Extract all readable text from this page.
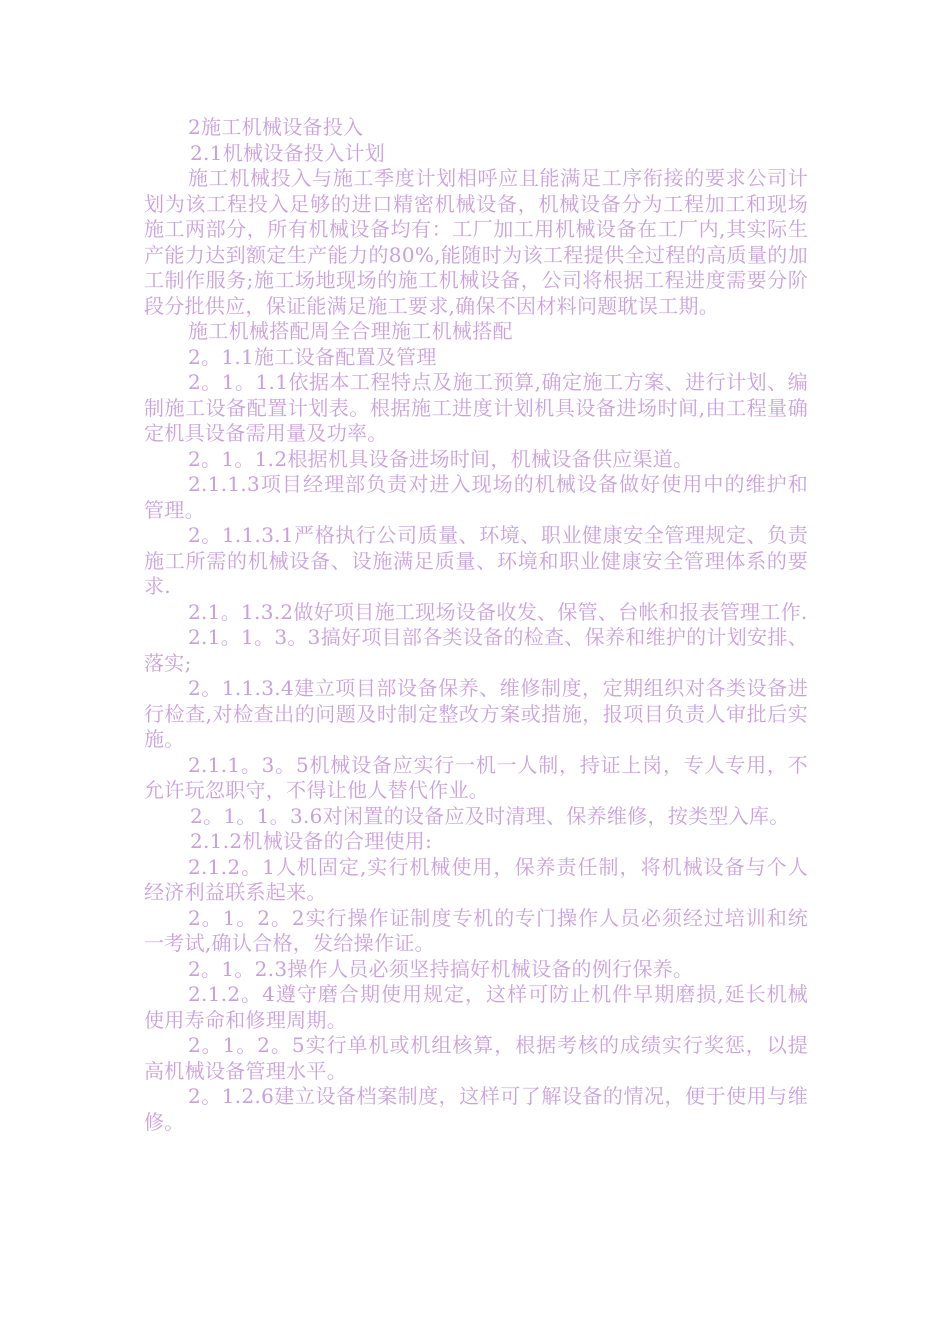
2施工机械设备投入

2.1机械设备投入计划

施工机械投入与施工季度计划相呼应且能满足工序衔接的要求公司计划为该工程投入足够的进口精密机械设备，机械设备分为工程加工和现场施工两部分，所有机械设备均有：工厂加工用机械设备在工厂内,其实际生产能力达到额定生产能力的80%,能随时为该工程提供全过程的高质量的加工制作服务;施工场地现场的施工机械设备，公司将根据工程进度需要分阶段分批供应，保证能满足施工要求,确保不因材料问题耽误工期。

施工机械搭配周全合理施工机械搭配

2。1.1施工设备配置及管理

2。1。1.1依据本工程特点及施工预算,确定施工方案、进行计划、编制施工设备配置计划表。根据施工进度计划机具设备进场时间,由工程量确定机具设备需用量及功率。

2。1。1.2根据机具设备进场时间，机械设备供应渠道。

2.1.1.3项目经理部负责对进入现场的机械设备做好使用中的维护和管理。

2。1.1.3.1严格执行公司质量、环境、职业健康安全管理规定、负责施工所需的机械设备、设施满足质量、环境和职业健康安全管理体系的要求.

2.1。1.3.2做好项目施工现场设备收发、保管、台帐和报表管理工作.

2.1。1。3。3搞好项目部各类设备的检查、保养和维护的计划安排、落实;

2。1.1.3.4建立项目部设备保养、维修制度，定期组织对各类设备进行检查,对检查出的问题及时制定整改方案或措施，报项目负责人审批后实施。

2.1.1。3。5机械设备应实行一机一人制，持证上岗，专人专用，不允许玩忽职守，不得让他人替代作业。

2。1。1。3.6对闲置的设备应及时清理、保养维修，按类型入库。

2.1.2机械设备的合理使用:

2.1.2。1人机固定,实行机械使用，保养责任制，将机械设备与个人经济利益联系起来。

2。1。2。2实行操作证制度专机的专门操作人员必须经过培训和统一考试,确认合格，发给操作证。

2。1。2.3操作人员必须坚持搞好机械设备的例行保养。

2.1.2。4遵守磨合期使用规定，这样可防止机件早期磨损,延长机械使用寿命和修理周期。

2。1。2。5实行单机或机组核算，根据考核的成绩实行奖惩，以提高机械设备管理水平。

2。1.2.6建立设备档案制度，这样可了解设备的情况，便于使用与维修。
